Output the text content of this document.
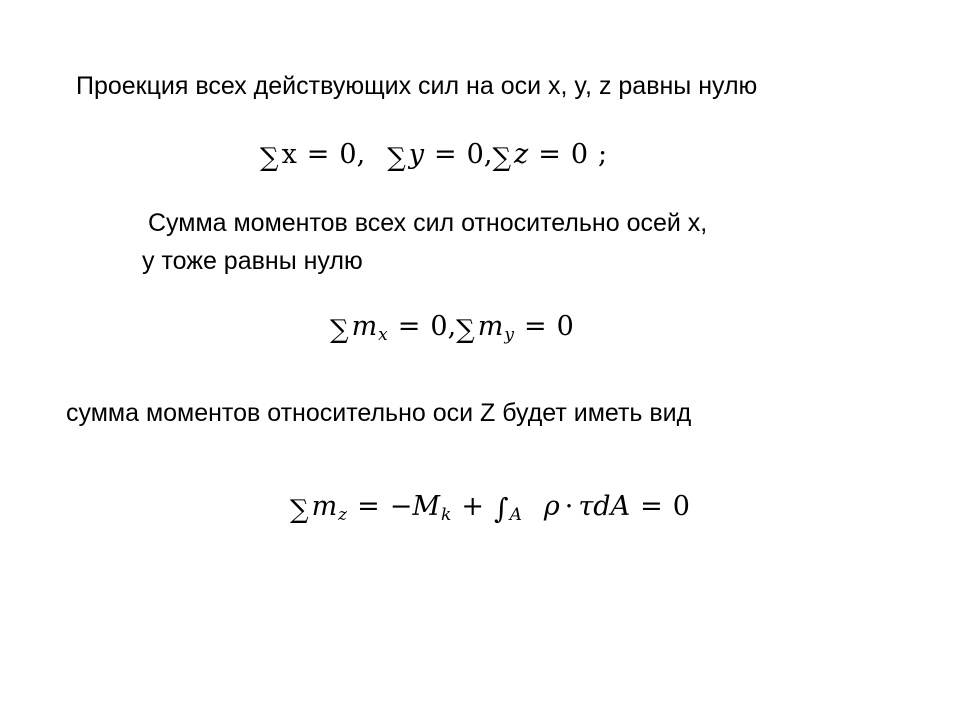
Проекция всех действующих сил на оси x, y, z равны нулю
∑ x = 0 , ∑ y = 0 , ∑ z = 0 ;
Сумма моментов всех сил относительно осей x,
у тоже равны нулю
∑ m x = 0 , ∑ m y = 0
сумма моментов относительно оси Z будет иметь вид
∑ m z = − M k + ∫ A ρ · τ d A = 0
